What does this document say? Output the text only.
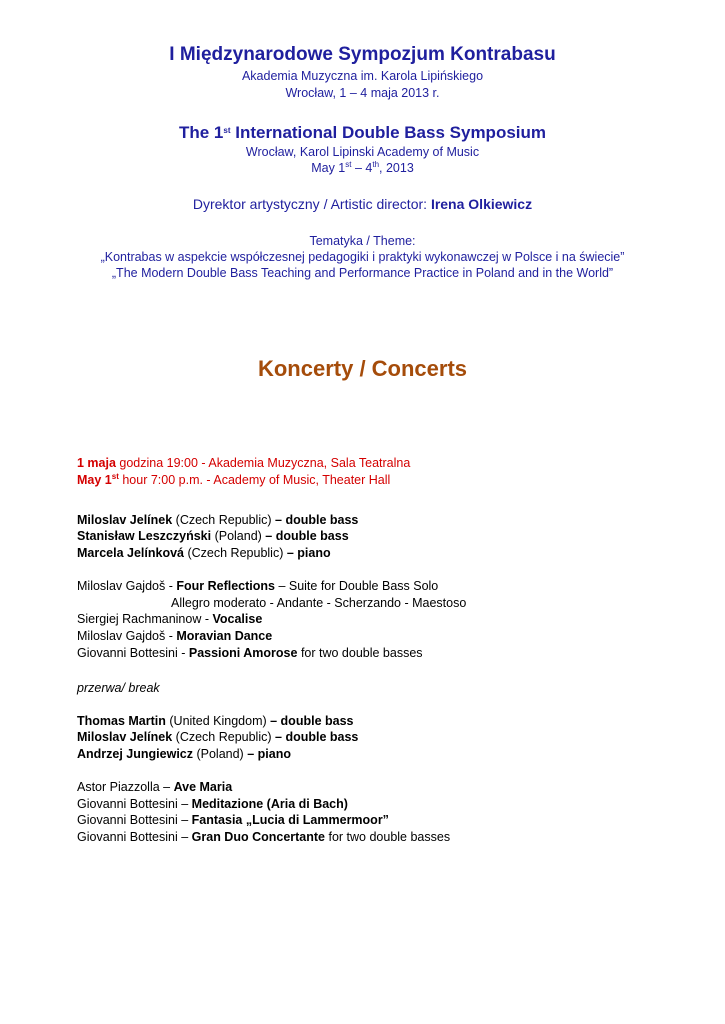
I Międzynarodowe Sympozjum Kontrabasu
Akademia Muzyczna im. Karola Lipińskiego
Wrocław, 1 – 4 maja 2013 r.
The 1st International Double Bass Symposium
Wrocław, Karol Lipinski Academy of Music
May 1st – 4th, 2013
Dyrektor artystyczny / Artistic director: Irena Olkiewicz
Tematyka / Theme:
„Kontrabas w aspekcie współczesnej pedagogiki i praktyki wykonawczej w Polsce i na świecie”
„The Modern Double Bass Teaching and Performance Practice in Poland and in the World”
Koncerty / Concerts
1 maja godzina 19:00 - Akademia Muzyczna, Sala Teatralna
May 1st hour 7:00 p.m. - Academy of Music, Theater Hall
Miloslav Jelínek (Czech Republic) – double bass
Stanisław Leszczyński (Poland) – double bass
Marcela Jelínková (Czech Republic) – piano
Miloslav Gajdoš - Four Reflections – Suite for Double Bass Solo
Allegro moderato - Andante - Scherzando - Maestoso
Siergiej Rachmaninow - Vocalise
Miloslav Gajdoš - Moravian Dance
Giovanni Bottesini - Passioni Amorose for two double basses
przerwa/ break
Thomas Martin (United Kingdom) – double bass
Miloslav Jelínek (Czech Republic) – double bass
Andrzej Jungiewicz (Poland) – piano
Astor Piazzolla – Ave Maria
Giovanni Bottesini – Meditazione (Aria di Bach)
Giovanni Bottesini – Fantasia „Lucia di Lammermoor”
Giovanni Bottesini – Gran Duo Concertante for two double basses
